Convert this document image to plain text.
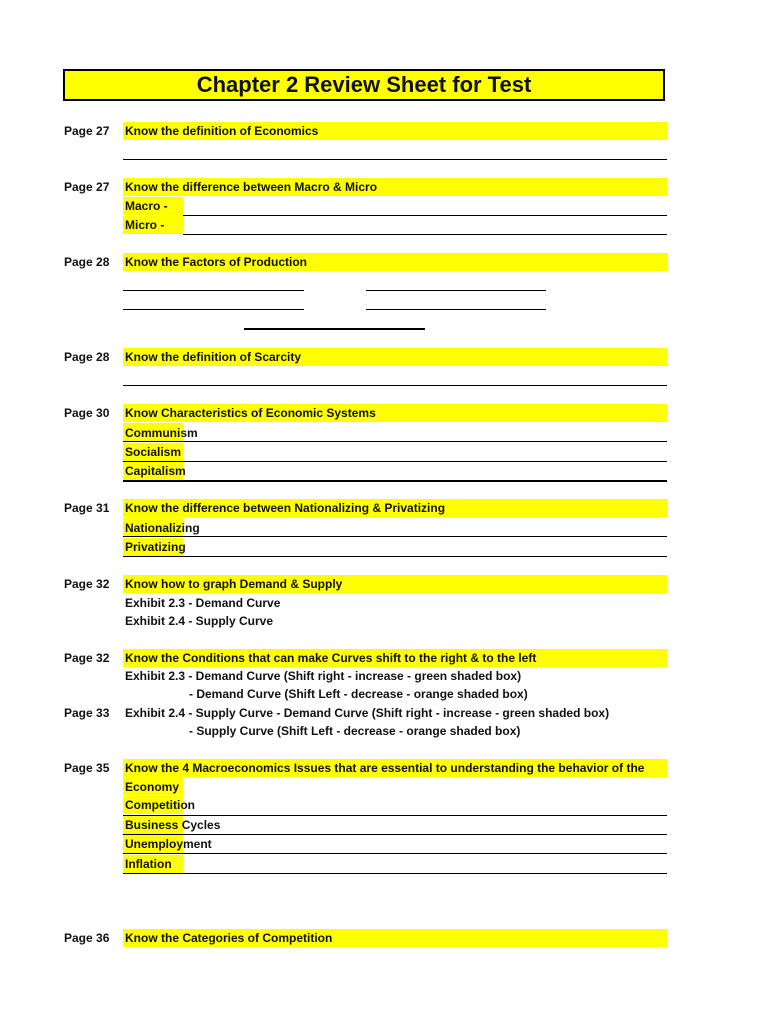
Chapter 2 Review Sheet for Test
Page 27 Know the definition of Economics
Page 27 Know the difference between Macro & Micro
Macro -
Micro -
Page 28 Know the Factors of Production
Page 28 Know the definition of Scarcity
Page 30 Know Characteristics of Economic Systems
Communism
Socialism
Capitalism
Page 31 Know the difference between Nationalizing & Privatizing
Nationalizing
Privatizing
Page 32 Know how to graph Demand & Supply
Exhibit 2.3 - Demand Curve
Exhibit 2.4 - Supply Curve
Page 32 Know the Conditions that can make Curves shift to the right & to the left
Exhibit 2.3 - Demand Curve (Shift right - increase - green shaded box)
- Demand Curve (Shift Left - decrease - orange shaded box)
Page 33 Exhibit 2.4 - Supply Curve - Demand Curve (Shift right - increase - green shaded box)
- Supply Curve (Shift Left - decrease - orange shaded box)
Page 35 Know the 4 Macroeconomics Issues that are essential to understanding the behavior of the
Economy
Competition
Business Cycles
Unemployment
Inflation
Page 36 Know the Categories of Competition
